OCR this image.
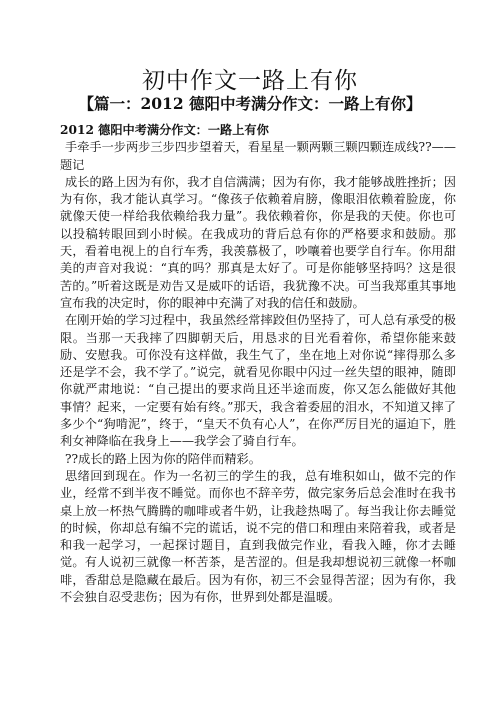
初中作文一路上有你
【篇一：2012 德阳中考满分作文：一路上有你】

2012 德阳中考满分作文：一路上有你

手牵手一步两步三步四步望着天，看星星一颗两颗三颗四颗连成线??——题记

成长的路上因为有你，我才自信满满；因为有你，我才能够战胜挫折；因为有你，我才能认真学习。“像孩子依赖着肩膀，像眼泪依赖着脸庞，你就像天使一样给我依赖给我力量”。我依赖着你，你是我的天使。你也可以投稿转眼回到小时候。在我成功的背后总有你的严格要求和鼓励。那天，看着电视上的自行车秀，我羡慕极了，吵嚷着也要学自行车。你用甜美的声音对我说：“真的吗？那真是太好了。可是你能够坚持吗？这是很苦的。”听着这既是劝告又是威吓的话语，我犹豫不决。可当我郑重其事地宣布我的决定时，你的眼神中充满了对我的信任和鼓励。

在刚开始的学习过程中，我虽然经常摔跤但仍坚持了，可人总有承受的极限。当那一天我摔了四脚朝天后，用恳求的目光看着你，希望你能来鼓励、安慰我。可你没有这样做，我生气了，坐在地上对你说“摔得那么多还是学不会，我不学了。”说完，就看见你眼中闪过一丝失望的眼神，随即你就严肃地说：“自己提出的要求尚且还半途而废，你又怎么能做好其他事情？起来，一定要有始有终。”那天，我含着委屈的泪水，不知道又摔了多少个“狗啃泥”，终于，“皇天不负有心人”，在你严厉目光的逼迫下，胜利女神降临在我身上——我学会了骑自行车。

??成长的路上因为你的陪伴而精彩。

思绪回到现在。作为一名初三的学生的我，总有堆积如山，做不完的作业，经常不到半夜不睡觉。而你也不辞辛劳，做完家务后总会准时在我书桌上放一杯热气腾腾的咖啡或者牛奶，让我趁热喝了。每当我让你去睡觉的时候，你却总有编不完的谎话，说不完的借口和理由来陪着我，或者是和我一起学习，一起探讨题目，直到我做完作业，看我入睡，你才去睡觉。有人说初三就像一杯苦茶，是苦涩的。但是我却想说初三就像一杯咖啡，香甜总是隐藏在最后。因为有你，初三不会显得苦涩；因为有你，我不会独自忍受悲伤；因为有你，世界到处都是温暖。
